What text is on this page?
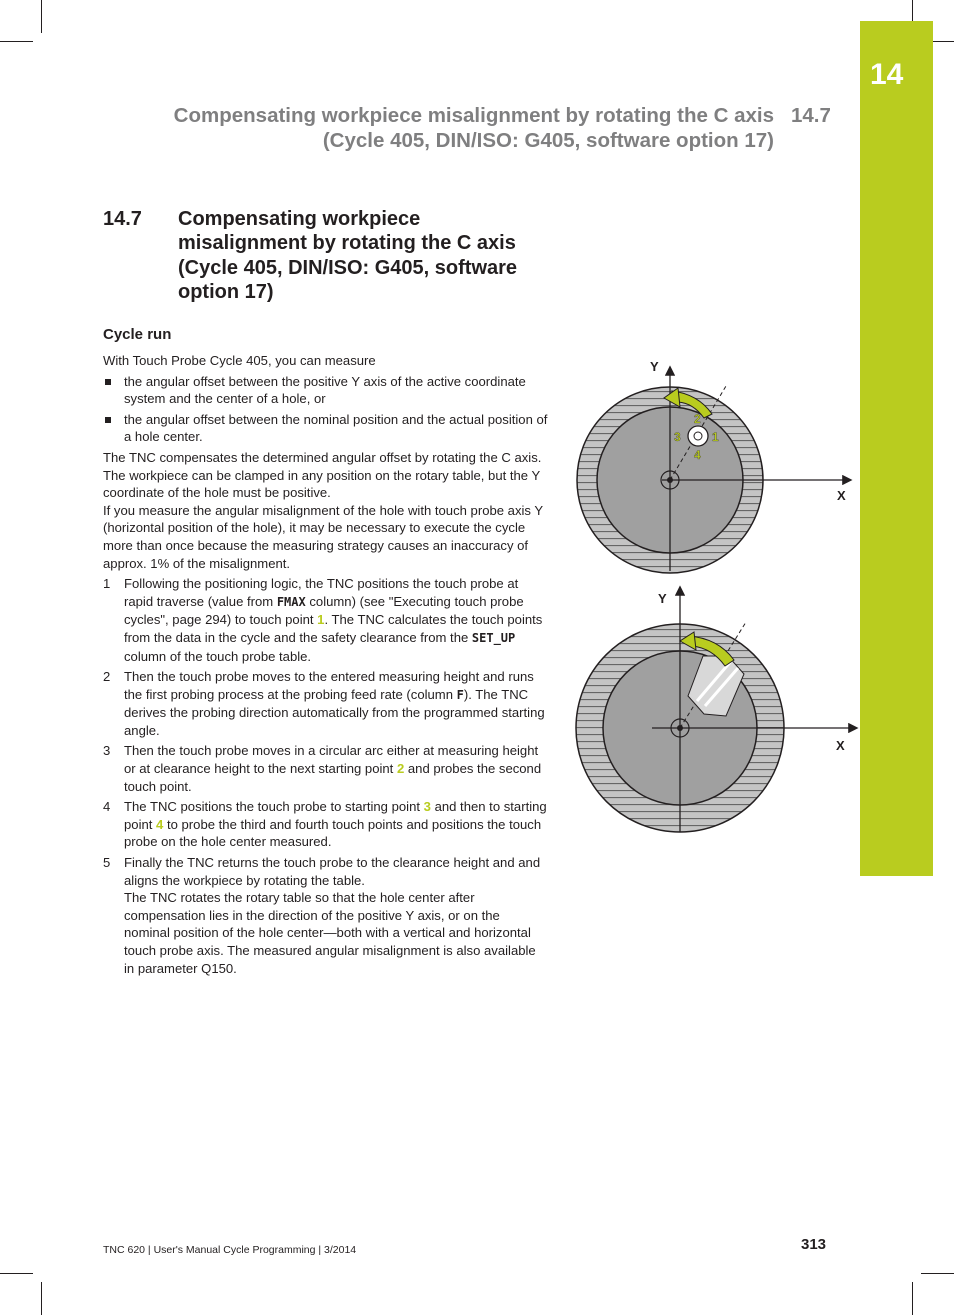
14
Compensating workpiece misalignment by rotating the C axis
(Cycle 405, DIN/ISO: G405, software option 17)
14.7
14.7 Compensating workpiece misalignment by rotating the C axis (Cycle 405, DIN/ISO: G405, software option 17)
Cycle run

With Touch Probe Cycle 405, you can measure

the angular offset between the positive Y axis of the active coordinate system and the center of a hole, or
the angular offset between the nominal position and the actual position of a hole center.

The TNC compensates the determined angular offset by rotating the C axis. The workpiece can be clamped in any position on the rotary table, but the Y coordinate of the hole must be positive.

If you measure the angular misalignment of the hole with touch probe axis Y (horizontal position of the hole), it may be necessary to execute the cycle more than once because the measuring strategy causes an inaccuracy of approx. 1% of the misalignment.

1 Following the positioning logic, the TNC positions the touch probe at rapid traverse (value from FMAX column) (see "Executing touch probe cycles", page 294) to touch point 1. The TNC calculates the touch points from the data in the cycle and the safety clearance from the SET_UP column of the touch probe table.
2 Then the touch probe moves to the entered measuring height and runs the first probing process at the probing feed rate (column F). The TNC derives the probing direction automatically from the programmed starting angle.
3 Then the touch probe moves in a circular arc either at measuring height or at clearance height to the next starting point 2 and probes the second touch point.
4 The TNC positions the touch probe to starting point 3 and then to starting point 4 to probe the third and fourth touch points and positions the touch probe on the hole center measured.
5 Finally the TNC returns the touch probe to the clearance height and and aligns the workpiece by rotating the table.
The TNC rotates the rotary table so that the hole center after compensation lies in the direction of the positive Y axis, or on the nominal position of the hole center—both with a vertical and horizontal touch probe axis. The measured angular misalignment is also available in parameter Q150.
Y
X
2
3	1
4
Y
X
TNC 620 | User's Manual Cycle Programming | 3/2014	313
